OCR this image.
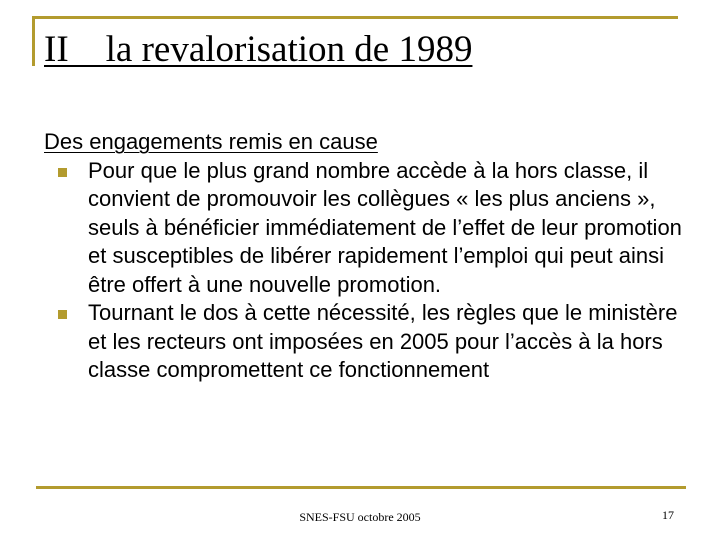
II    la revalorisation de 1989
Des engagements remis en cause
Pour que le plus grand nombre accède à la hors classe, il convient de promouvoir les collègues « les plus anciens », seuls à bénéficier immédiatement de l’effet de leur promotion et susceptibles de libérer rapidement l’emploi qui peut ainsi être offert à une nouvelle promotion.
Tournant le dos à cette nécessité, les règles que le ministère et les recteurs ont imposées en 2005 pour l’accès à la hors classe compromettent ce fonctionnement
SNES-FSU octobre 2005	17
